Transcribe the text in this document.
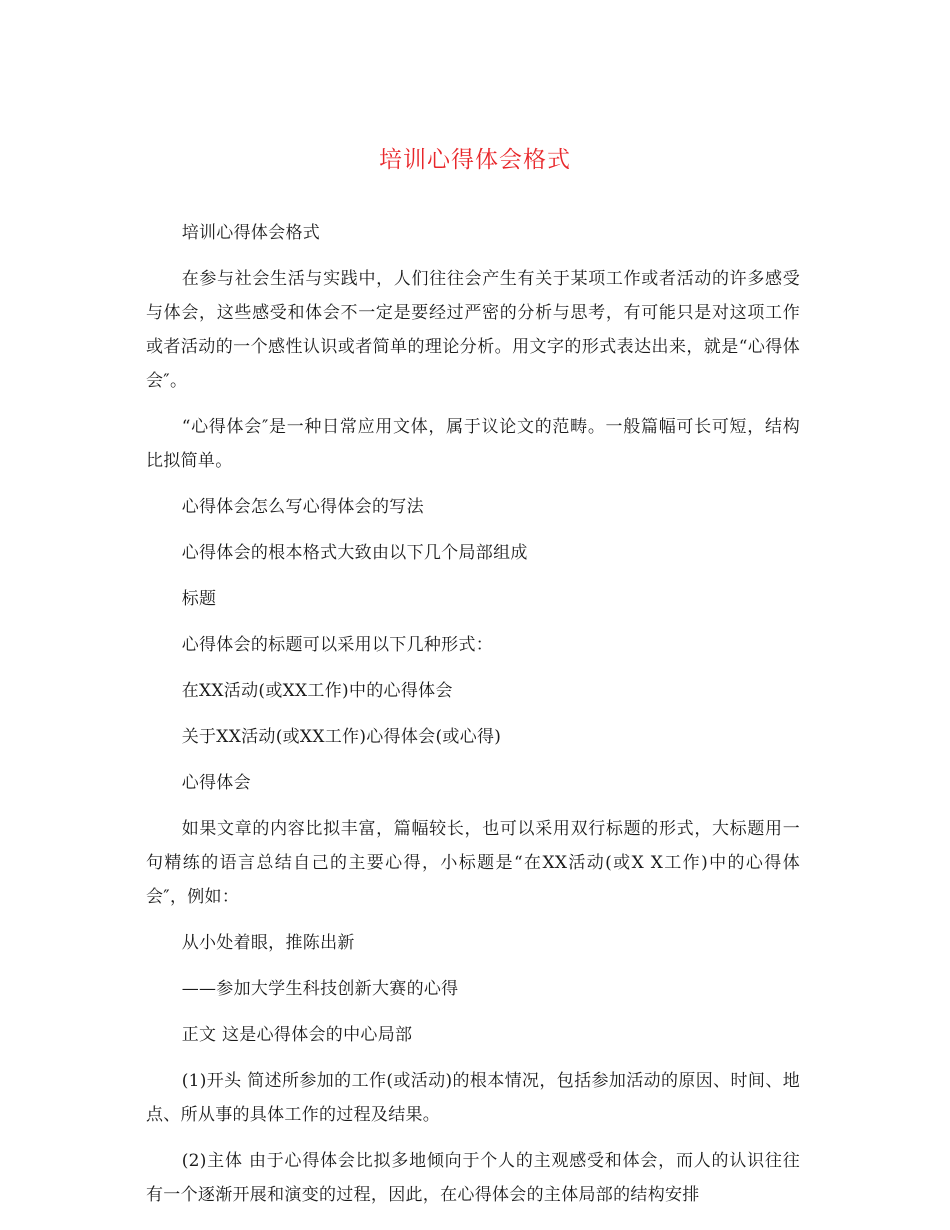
培训心得体会格式

培训心得体会格式

在参与社会生活与实践中，人们往往会产生有关于某项工作或者活动的许多感受与体会，这些感受和体会不一定是要经过严密的分析与思考，有可能只是对这项工作或者活动的一个感性认识或者简单的理论分析。用文字的形式表达出来，就是“心得体会″。

“心得体会″是一种日常应用文体，属于议论文的范畴。一般篇幅可长可短，结构比拟简单。

心得体会怎么写心得体会的写法

心得体会的根本格式大致由以下几个局部组成

标题

心得体会的标题可以采用以下几种形式：

在XX活动(或XX工作)中的心得体会

关于XX活动(或XX工作)心得体会(或心得)

心得体会

如果文章的内容比拟丰富，篇幅较长，也可以采用双行标题的形式，大标题用一句精练的语言总结自己的主要心得，小标题是“在XX活动(或X X工作)中的心得体会″，例如：

从小处着眼，推陈出新

——参加大学生科技创新大赛的心得

正文 这是心得体会的中心局部

(1)开头 简述所参加的工作(或活动)的根本情况，包括参加活动的原因、时间、地点、所从事的具体工作的过程及结果。

(2)主体 由于心得体会比拟多地倾向于个人的主观感受和体会，而人的认识往往有一个逐渐开展和演变的过程，因此，在心得体会的主体局部的结构安排
